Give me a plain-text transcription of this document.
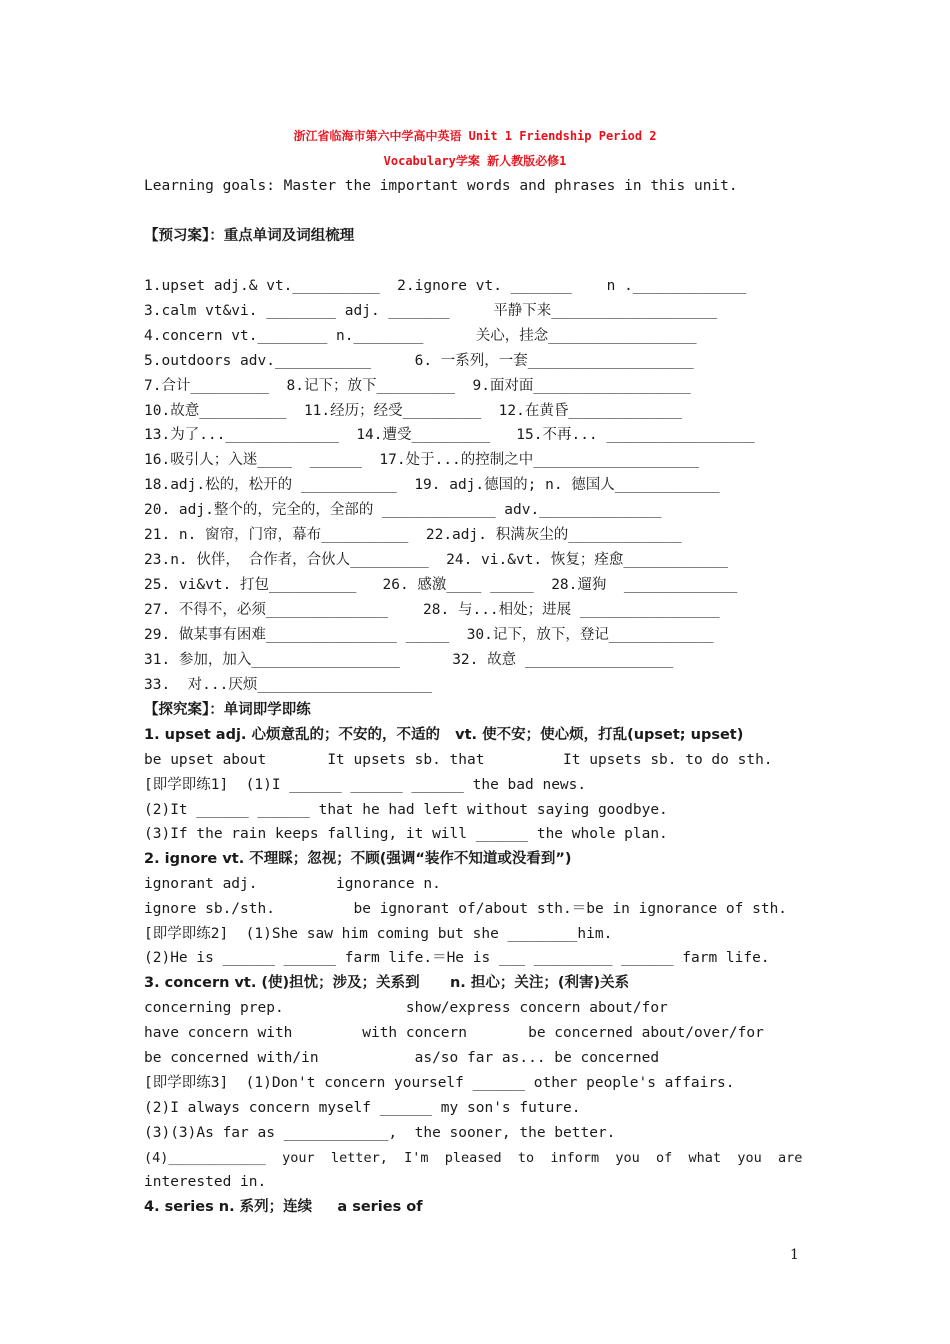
浙江省临海市第六中学高中英语 Unit 1 Friendship Period 2
Vocabulary学案 新人教版必修1
Learning goals: Master the important words and phrases in this unit.
【预习案】：重点单词及词组梳理
1.upset adj.& vt.__________  2.ignore vt. _______    n ._____________
3.calm vt&vi. ________ adj. _______     平静下来___________________
4.concern vt.________ n.________      关心，挂念_________________
5.outdoors adv.___________     6. 一系列，一套___________________
7.合计_________  8.记下；放下_________  9.面对面__________________
10.故意__________  11.经历；经受_________  12.在黄昏_____________
13.为了..._____________  14.遭受_________   15.不再... _________________
16.吸引人；入迷____  ______  17.处于...的控制之中___________________
18.adj.松的，松开的 ___________  19. adj.德国的; n. 德国人____________
20. adj.整个的，完全的，全部的 _____________ adv.______________
21. n. 窗帘，门帘，幕布__________  22.adj. 积满灰尘的_____________
23.n. 伙伴， 合作者，合伙人_________  24. vi.&vt. 恢复；痊愈____________
25. vi&vt. 打包__________   26. 感激____ _____  28.遛狗  _____________
27. 不得不，必须______________    28. 与...相处；进展 ________________
29. 做某事有困难_______________ _____  30.记下，放下，登记____________
31. 参加，加入_________________      32. 故意 _________________
33.  对...厌烦____________________
【探究案】：单词即学即练
1. upset adj. 心烦意乱的；不安的，不适的   vt. 使不安；使心烦，打乱(upset; upset)
be upset about       It upsets sb. that         It upsets sb. to do sth.
[即学即练1]  (1)I ______ ______ ______ the bad news.
(2)It ______ ______ that he had left without saying goodbye.
(3)If the rain keeps falling, it will ______ the whole plan.
2. ignore vt. 不理睬；忽视；不顾(强调“装作不知道或没看到”)
ignorant adj.         ignorance n.
ignore sb./sth.         be ignorant of/about sth.＝be in ignorance of sth.
[即学即练2]  (1)She saw him coming but she ________him.
(2)He is ______ ______ farm life.＝He is ___ _________ ______ farm life.
3. concern vt. (使)担忧；涉及；关系到      n. 担心；关注；(利害)关系
concerning prep.              show/express concern about/for
have concern with        with concern       be concerned about/over/for
be concerned with/in           as/so far as... be concerned
[即学即练3]  (1)Don't concern yourself ______ other people's affairs.
(2)I always concern myself ______ my son's future.
(3)(3)As far as ____________,  the sooner, the better.
(4)____________  your  letter,  I'm  pleased  to  inform  you  of  what  you  are
interested in.
4. series n. 系列；连续     a series of
1
